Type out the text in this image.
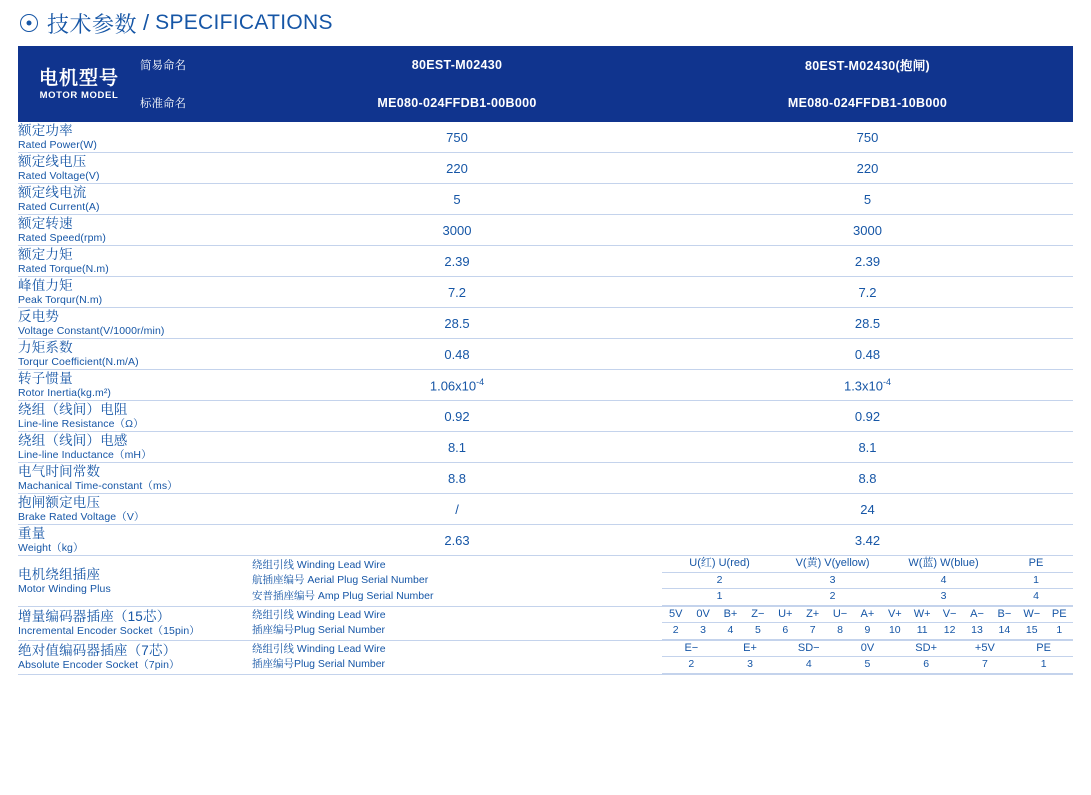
技术参数 / SPECIFICATIONS
电机型号
MOTOR MODEL
	简易命名	80EST-M02430	80EST-M02430(抱闸)
标准命名	ME080-024FFDB1-00B000	ME080-024FFDB1-10B000

额定功率
Rated Power(W)
	750	750

额定线电压
Rated Voltage(V)
	220	220

额定线电流
Rated Current(A)
	5	5

额定转速
Rated Speed(rpm)
	3000	3000

额定力矩
Rated Torque(N.m)
	2.39	2.39

峰值力矩
Peak Torqur(N.m)
	7.2	7.2

反电势
Voltage Constant(V/1000r/min)
	28.5	28.5

力矩系数
Torqur Coefficient(N.m/A)
	0.48	0.48

转子惯量
Rotor Inertia(kg.m²)	$1.06x10^{-4}$	$1.3x10^{-4}$

绕组（线间）电阻
Line-line Resistance（Ω）
	0.92	0.92

绕组（线间）电感
Line-line Inductance（mH）
	8.1	8.1

电气时间常数
Machanical Time-constant（ms）
	8.8	8.8

抱闸额定电压
Brake Rated Voltage（V）
	/	24

重量
Weight（kg）
	2.63	3.42

电机绕组插座
Motor Winding Plus

绕组引线 Winding Lead Wire
航插座编号 Aerial Plug Serial Number
安普插座编号 Amp Plug Serial Number

U(红) U(red)	V(黄) V(yellow)	W(蓝) W(blue)	PE
2	3	4	1
1	2	3	4

增量编码器插座（15芯）
Incremental Encoder Socket（15pin）

绕组引线 Winding Lead Wire
插座编号Plug Serial Number

5V	0V	B+	Z−	U+	Z+	U−	A+	V+	W+	V−	A−	B−	W−	PE
2	3	4	5	6	7	8	9	10	11	12	13	14	15	1

绝对值编码器插座（7芯）
Absolute Encoder Socket（7pin）

绕组引线 Winding Lead Wire
插座编号Plug Serial Number

E−	E+	SD−	0V	SD+	+5V	PE
2	3	4	5	6	7	1
